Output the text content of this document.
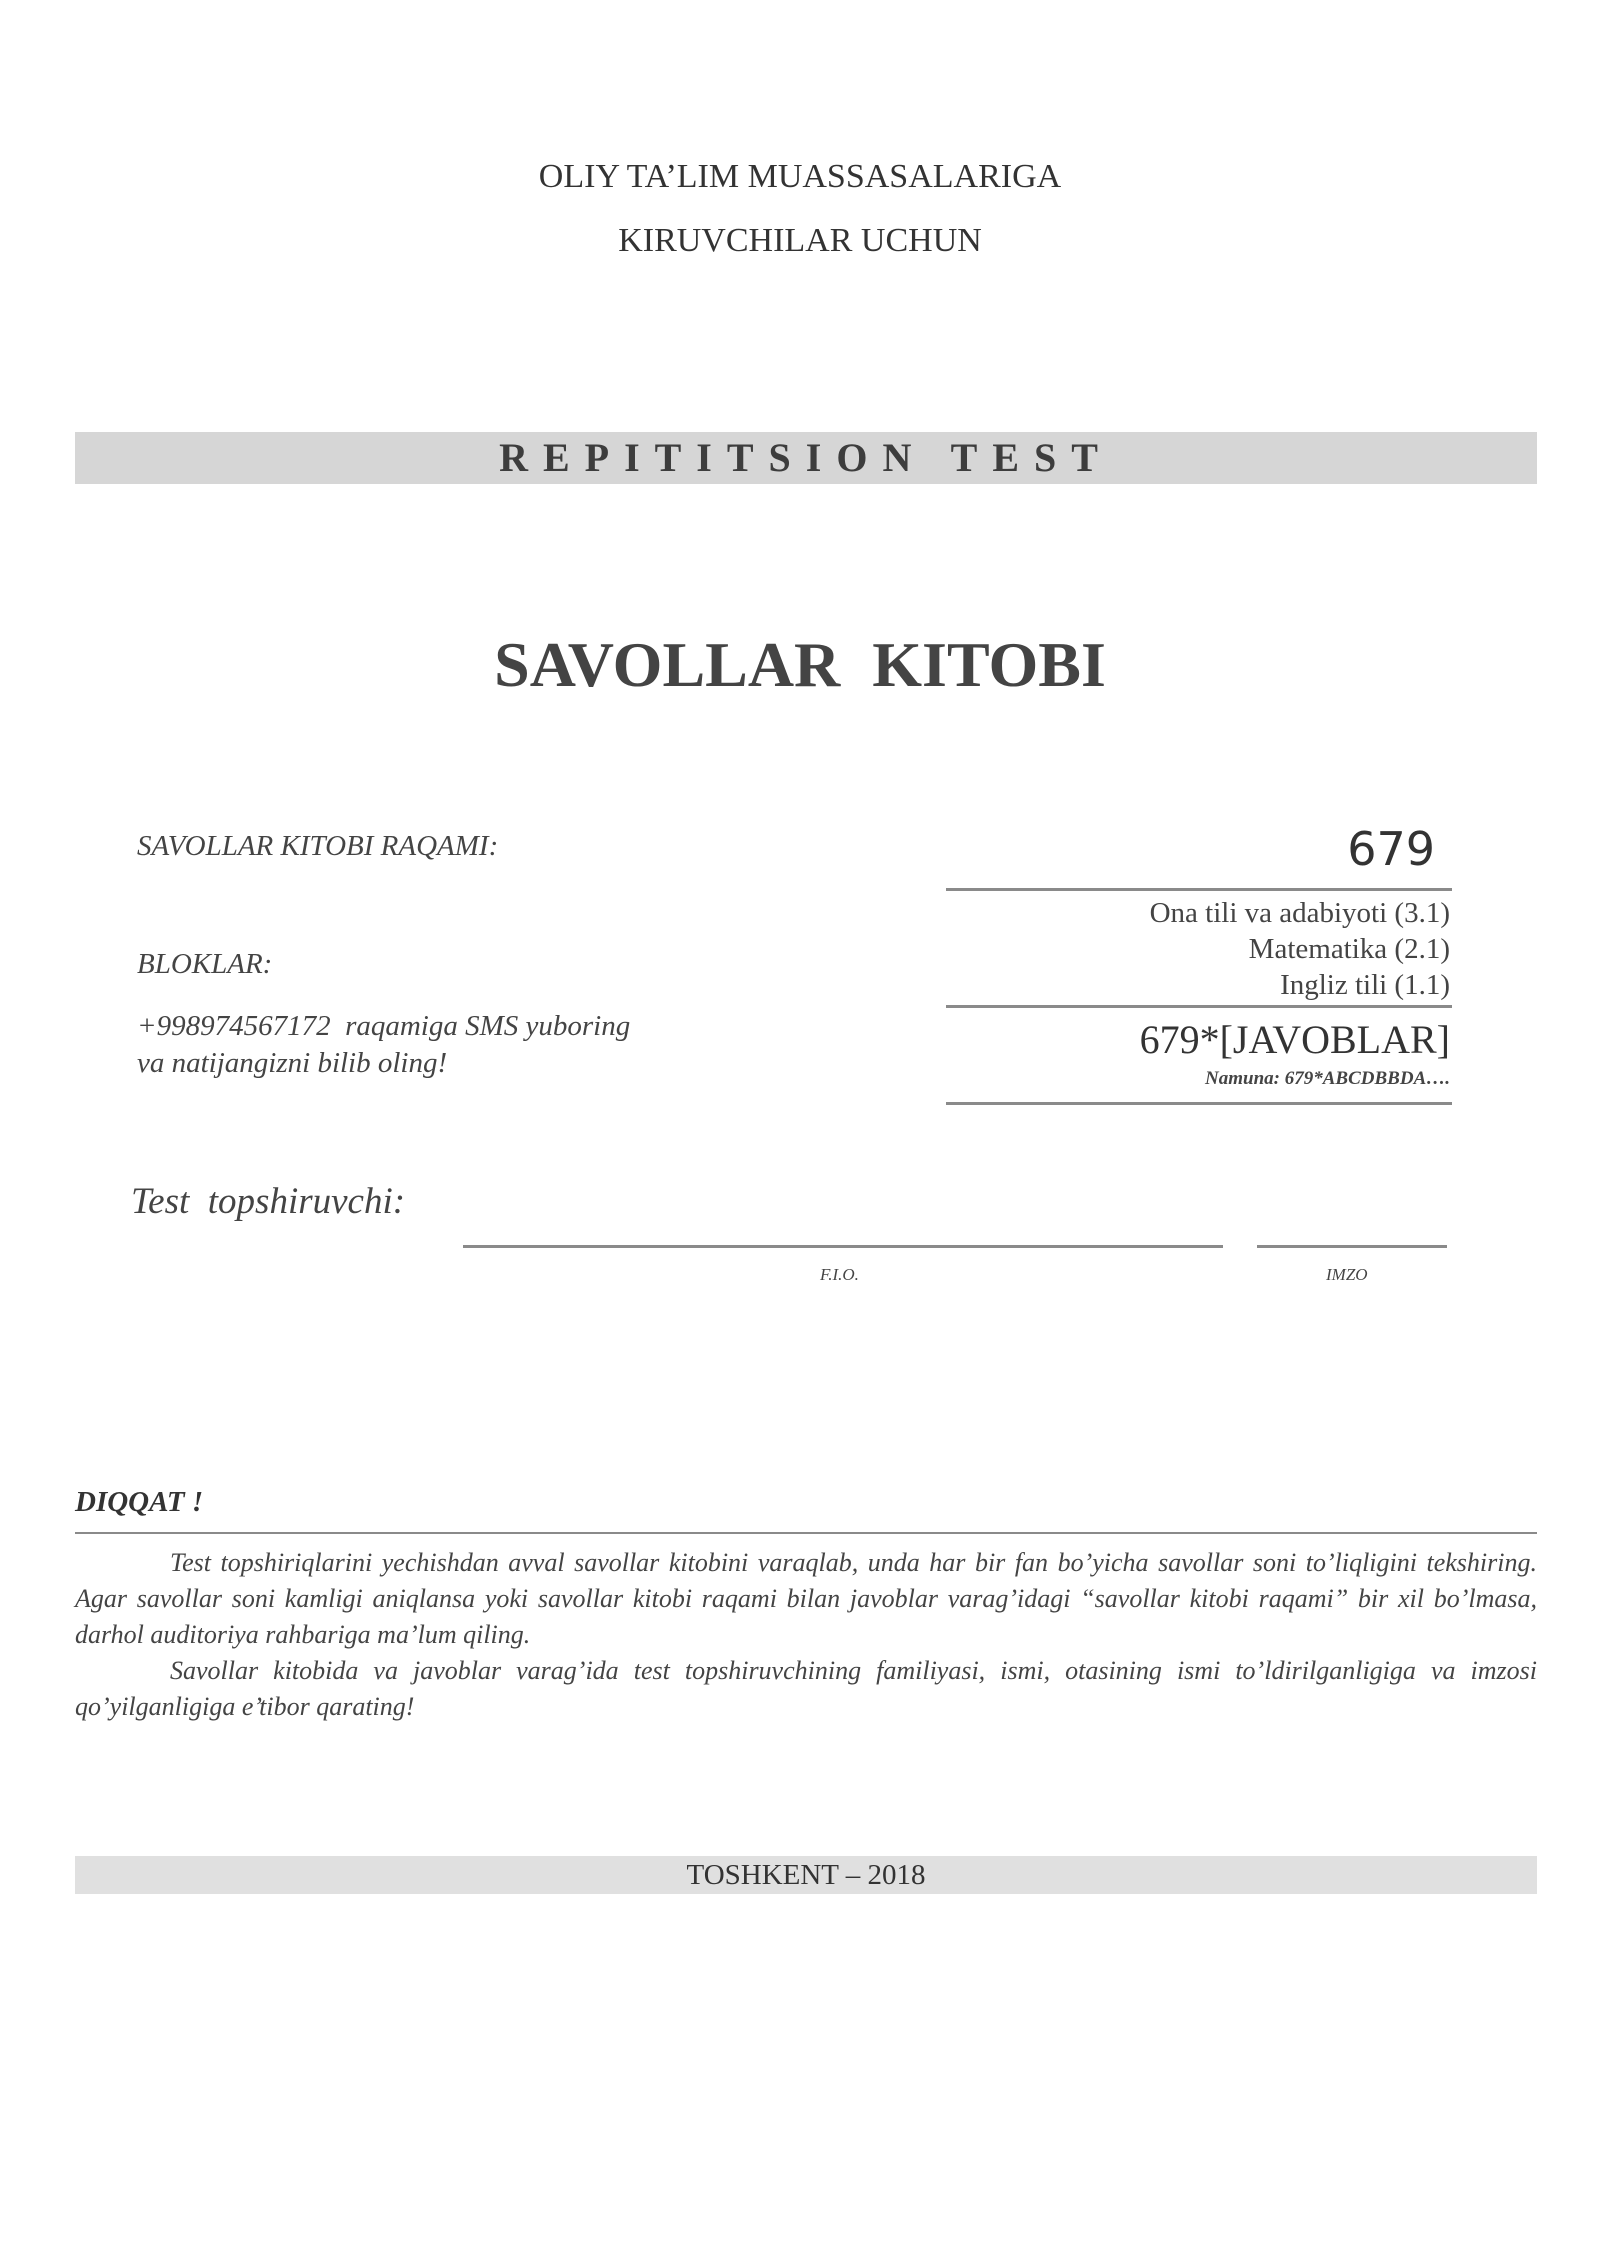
OLIY TA’LIM MUASSASALARIGA
KIRUVCHILAR UCHUN
REPITITSION TEST
SAVOLLAR  KITOBI
SAVOLLAR KITOBI RAQAMI:	679
BLOKLAR:
Ona tili va adabiyoti (3.1)
Matematika (2.1)
Ingliz tili (1.1)
+998974567172  raqamiga SMS yuboring
va natijangizni bilib oling!
679*[JAVOBLAR]
Namuna: 679*ABCDBBDA….
Test  topshiruvchi:
F.I.O.	IMZO
DIQQAT !

Test topshiriqlarini yechishdan avval savollar kitobini varaqlab, unda har bir fan bo’yicha savollar soni to’liqligini tekshiring. Agar savollar soni kamligi aniqlansa yoki savollar kitobi raqami bilan javoblar varag’idagi “savollar kitobi raqami” bir xil bo’lmasa, darhol auditoriya rahbariga ma’lum qiling.

Savollar kitobida va javoblar varag’ida test topshiruvchining familiyasi, ismi, otasining ismi to’ldirilganligiga va imzosi qo’yilganligiga e’tibor qarating!

TOSHKENT – 2018
